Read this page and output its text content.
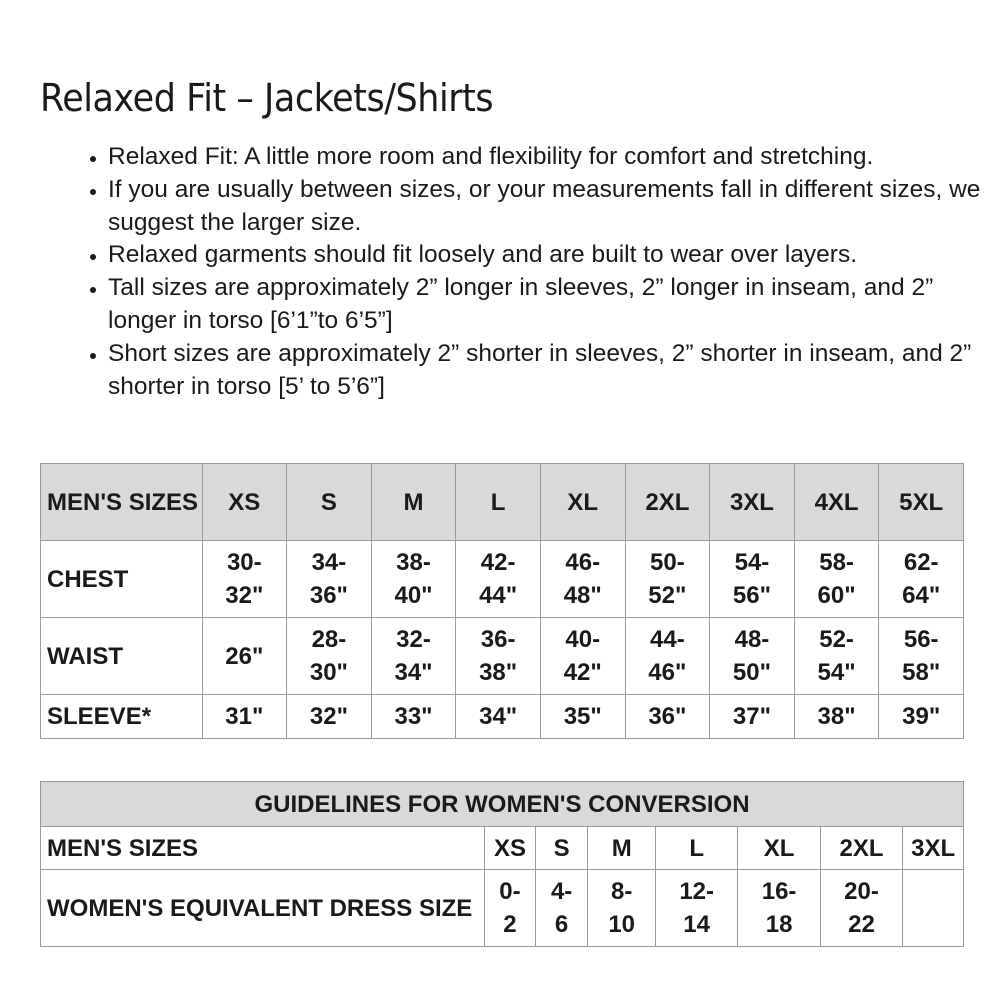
Relaxed Fit – Jackets/Shirts
• Relaxed Fit: A little more room and flexibility for comfort and stretching.
• If you are usually between sizes, or your measurements fall in different sizes, we suggest the larger size.
• Relaxed garments should fit loosely and are built to wear over layers.
• Tall sizes are approximately 2” longer in sleeves, 2” longer in inseam, and 2” longer in torso [6’1”to 6’5”]
• Short sizes are approximately 2” shorter in sleeves, 2” shorter in inseam, and 2” shorter in torso [5’ to 5’6”]
MEN'S SIZES	XS	S	M	L	XL	2XL	3XL	4XL	5XL
CHEST	30-32"	34-36"	38-40"	42-44"	46-48"	50-52"	54-56"	58-60"	62-64"
WAIST	26"	28-30"	32-34"	36-38"	40-42"	44-46"	48-50"	52-54"	56-58"
SLEEVE*	31"	32"	33"	34"	35"	36"	37"	38"	39"
GUIDELINES FOR WOMEN'S CONVERSION							
MEN'S SIZES	XS	S	M	L	XL	2XL	3XL
WOMEN'S EQUIVALENT DRESS SIZE	0-2	4-6	8-10	12-14	16-18	20-22	
